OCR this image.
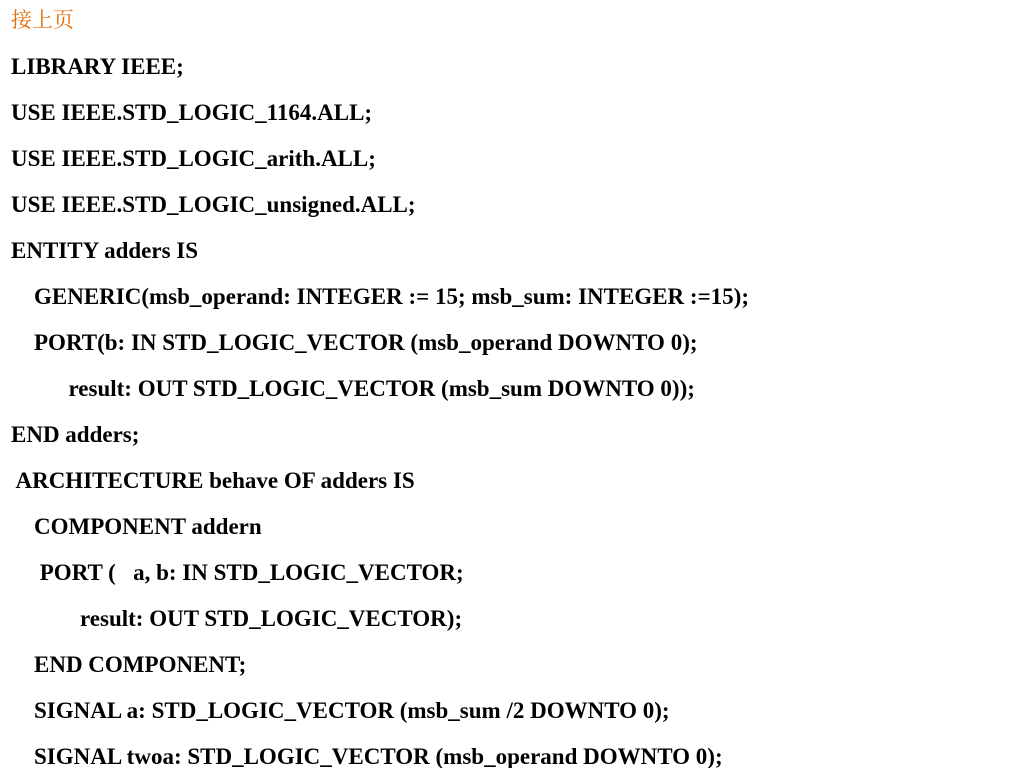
接上页
LIBRARY IEEE;
USE IEEE.STD_LOGIC_1164.ALL;
USE IEEE.STD_LOGIC_arith.ALL;
USE IEEE.STD_LOGIC_unsigned.ALL;
ENTITY adders IS
GENERIC(msb_operand: INTEGER := 15; msb_sum: INTEGER :=15);
PORT(b: IN STD_LOGIC_VECTOR (msb_operand DOWNTO 0);
result: OUT STD_LOGIC_VECTOR (msb_sum DOWNTO 0));
END adders;
ARCHITECTURE behave OF adders IS
COMPONENT addern
PORT (   a, b: IN STD_LOGIC_VECTOR;
result: OUT STD_LOGIC_VECTOR);
END COMPONENT;
SIGNAL a: STD_LOGIC_VECTOR (msb_sum /2 DOWNTO 0);
SIGNAL twoa: STD_LOGIC_VECTOR (msb_operand DOWNTO 0);
